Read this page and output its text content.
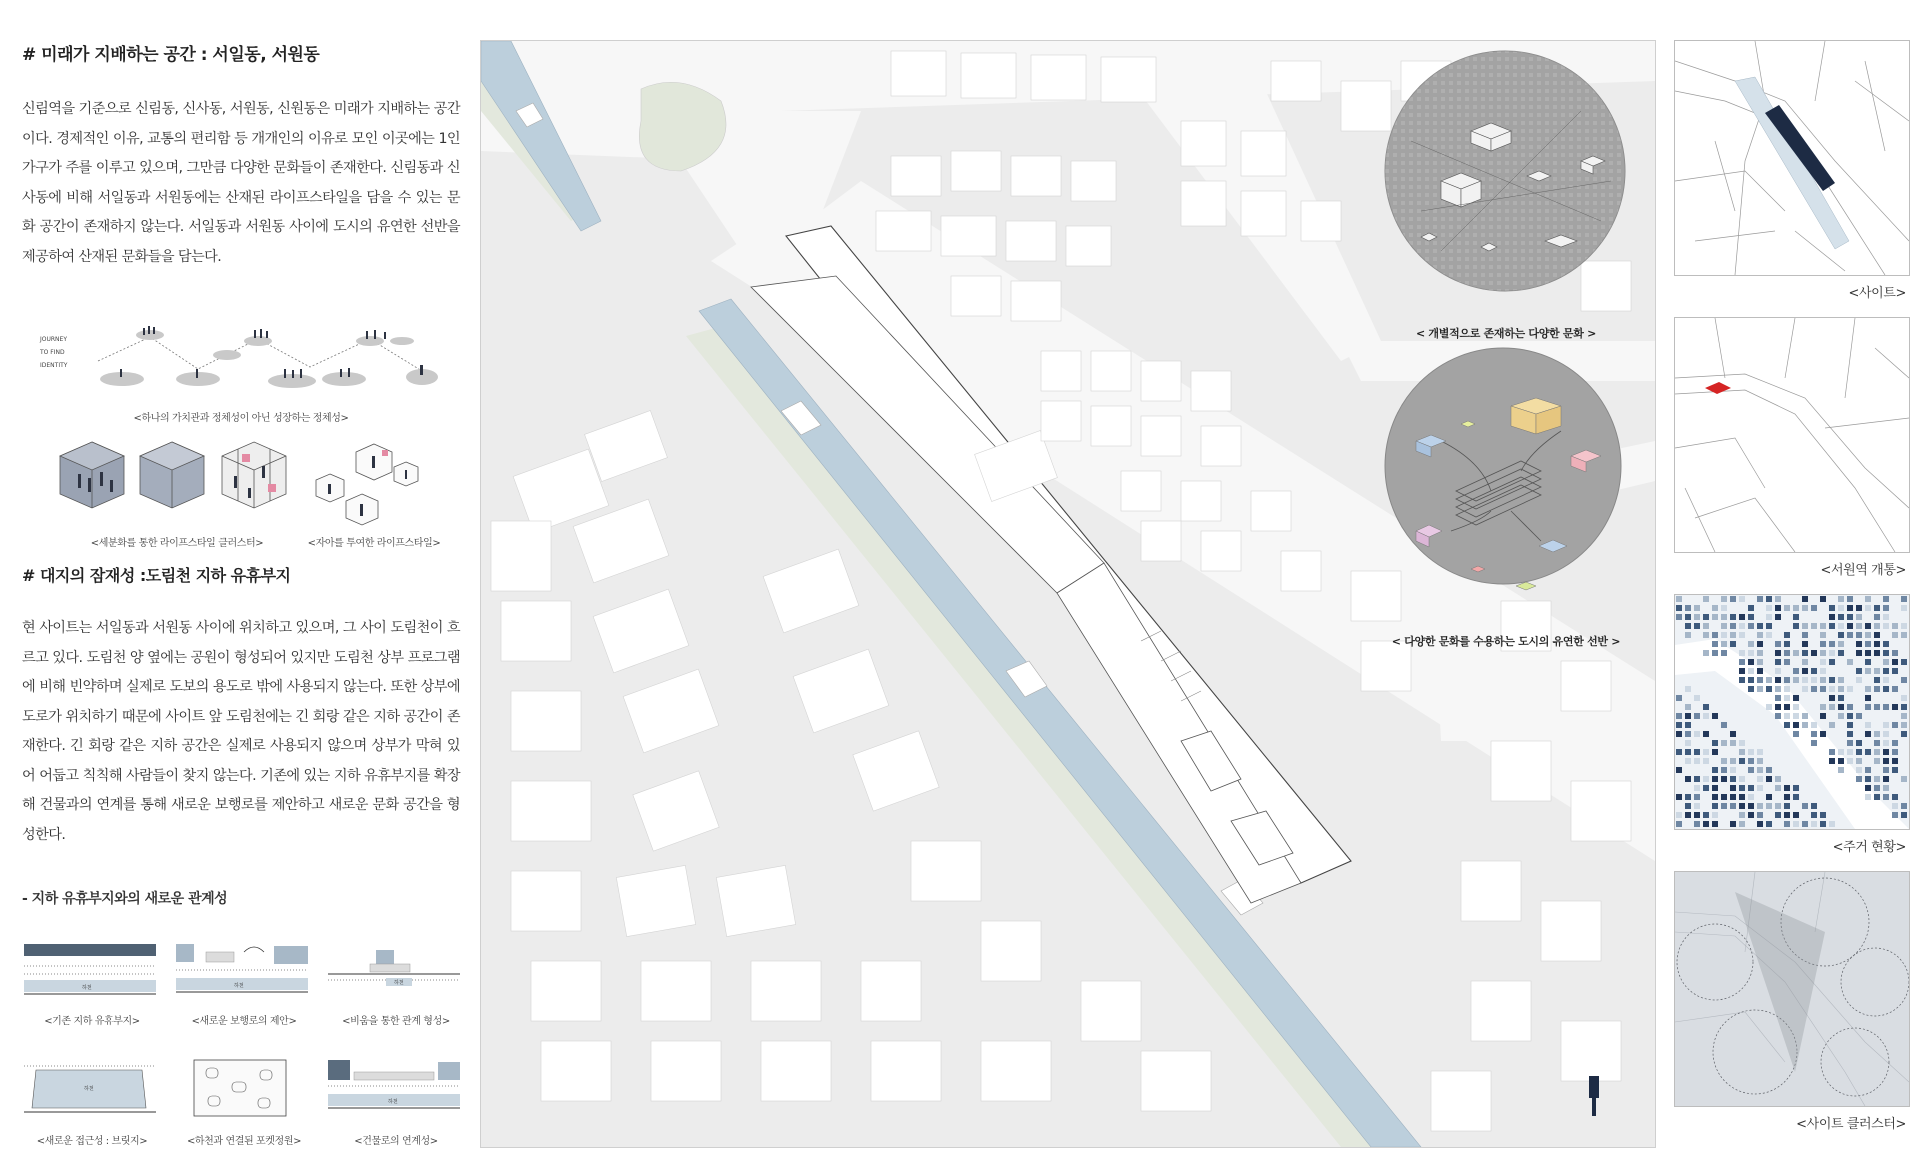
# 미래가 지배하는 공간 : 서일동, 서원동

신림역을 기준으로 신림동, 신사동, 서원동, 신원동은 미래가 지배하는 공간이다. 경제적인 이유, 교통의 편리함 등 개개인의 이유로 모인 이곳에는 1인 가구가 주를 이루고 있으며, 그만큼 다양한 문화들이 존재한다. 신림동과 신사동에 비해 서일동과 서원동에는 산재된 라이프스타일을 담을 수 있는 문화 공간이 존재하지 않는다. 서일동과 서원동 사이에 도시의 유연한 선반을 제공하여 산재된 문화들을 담는다.

JOURNEY
TO FIND
IDENTITY
<하나의 가치관과 정체성이 아닌 성장하는 정체성>
<세분화를 통한 라이프스타일 클러스터>	<자아를 투여한 라이프스타일>
# 대지의 잠재성 :도림천 지하 유휴부지

현 사이트는 서일동과 서원동 사이에 위치하고 있으며, 그 사이 도림천이 흐르고 있다. 도림천 양 옆에는 공원이 형성되어 있지만 도림천 상부 프로그램에 비해 빈약하며 실제로 도보의 용도로 밖에 사용되지 않는다. 또한 상부에 도로가 위치하기 때문에 사이트 앞 도림천에는 긴 회랑 같은 지하 공간이 존재한다. 긴 회랑 같은 지하 공간은 실제로 사용되지 않으며 상부가 막혀 있어 어둡고 칙칙해 사람들이 찾지 않는다. 기존에 있는 지하 유휴부지를 확장해 건물과의 연계를 통해 새로운 보행로를 제안하고 새로운 문화 공간을 형성한다.

- 지하 유휴부지와의 새로운 관계성
하천
<기존 지하 유휴부지>
하천
<새로운 보행로의 제안>
하천
<비움을 통한 관계 형성>
하천
<새로운 접근성 : 브릿지>	<하천과 연결된 포켓정원>
하천
<건물로의 연계성>
< 개별적으로 존재하는 다양한 문화 >
< 다양한 문화를 수용하는 도시의 유연한 선반 >
<사이트>
<서원역 개통>
<주거 현황>
<사이트 클러스터>
